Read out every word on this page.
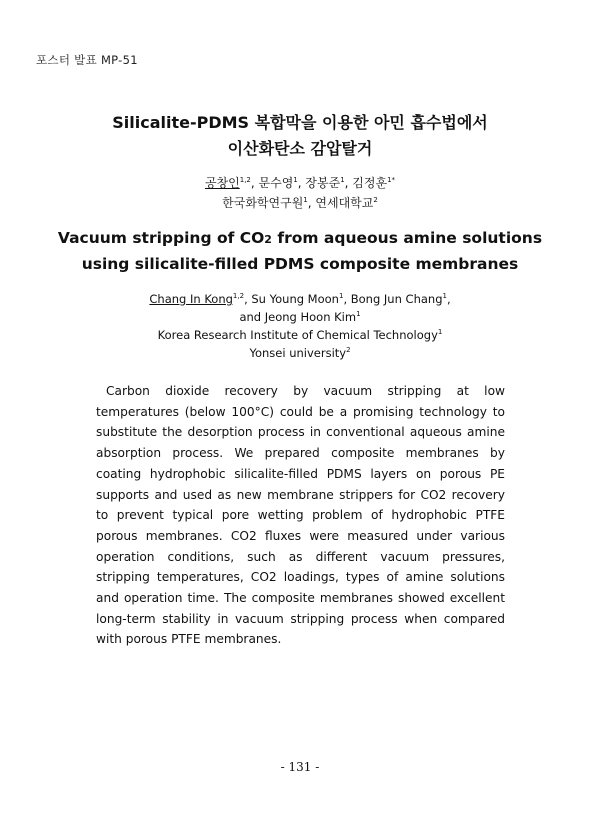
포스터 발표 MP-51
Silicalite-PDMS 복합막을 이용한 아민 흡수법에서
이산화탄소 감압탈거
공창인$^{1,2}$, 문수영$^1$, 장봉준$^1$, 김정훈$^{1*}$
한국화학연구원$^1$, 연세대학교$^2$
Vacuum stripping of CO2 from aqueous amine solutions
using silicalite-filled PDMS composite membranes
Chang In Kong$^{1,2}$, Su Young Moon$^1$, Bong Jun Chang$^1$,
and Jeong Hoon Kim$^1$
Korea Research Institute of Chemical Technology$^1$
Yonsei university$^2$
Carbon dioxide recovery by vacuum stripping at low temperatures (below 100°C) could be a promising technology to substitute the desorption process in conventional aqueous amine absorption process. We prepared composite membranes by coating hydrophobic silicalite-filled PDMS layers on porous PE supports and used as new membrane strippers for CO2 recovery to prevent typical pore wetting problem of hydrophobic PTFE porous membranes. CO2 fluxes were measured under various operation conditions, such as different vacuum pressures, stripping temperatures, CO2 loadings, types of amine solutions and operation time. The composite membranes showed excellent long-term stability in vacuum stripping process when compared with porous PTFE membranes.
- 131 -
